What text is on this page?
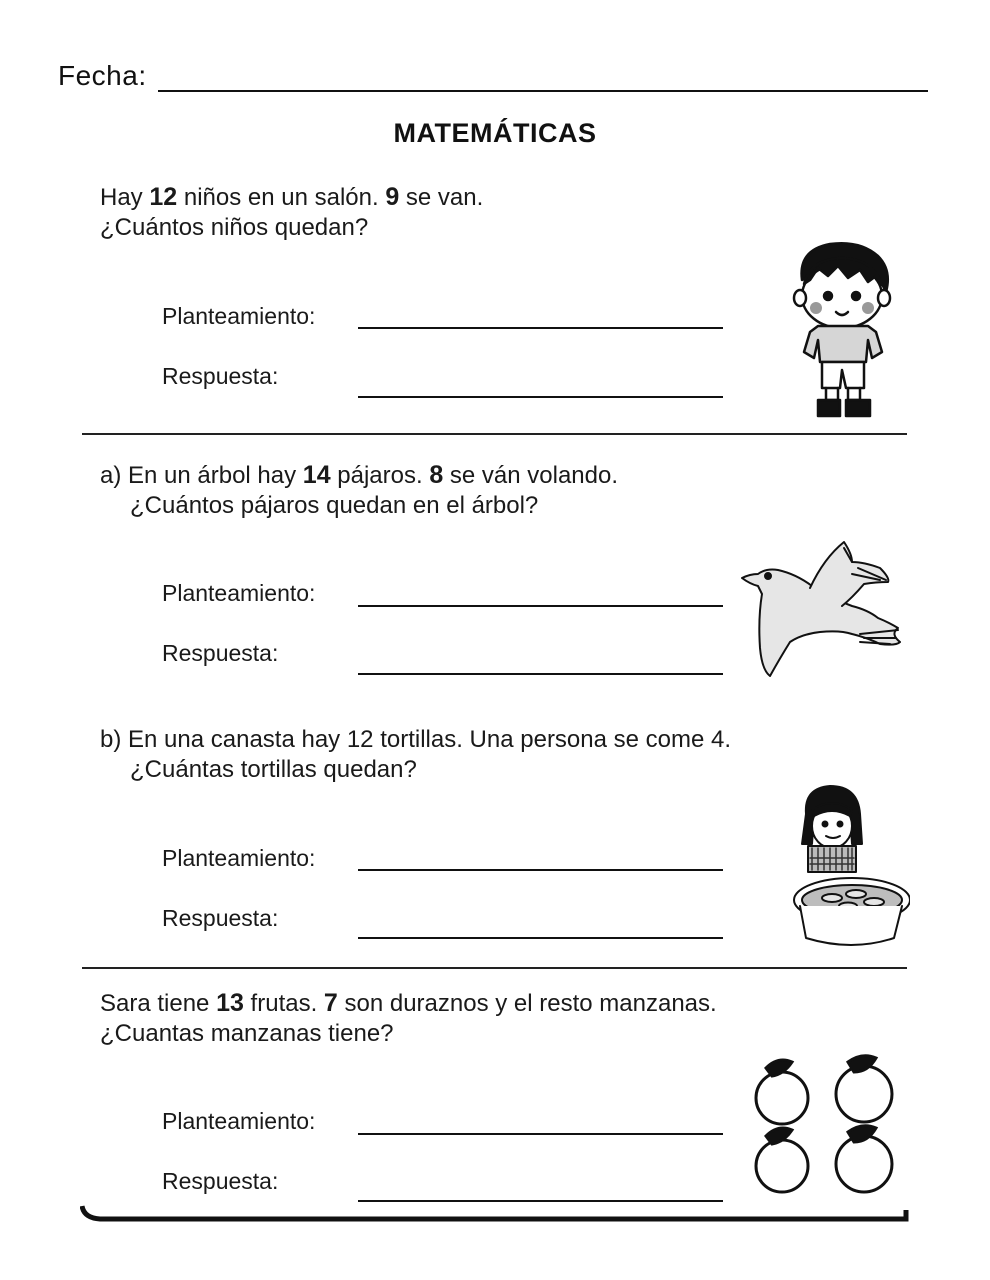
Fecha:
MATEMÁTICAS
Hay 12 niños en un salón. 9 se van.
¿Cuántos niños quedan?
Planteamiento:
Respuesta:
a) En un árbol hay 14 pájaros. 8 se ván volando.
¿Cuántos pájaros quedan en el árbol?
Planteamiento:
Respuesta:
b) En una canasta hay 12 tortillas. Una persona se come 4.
¿Cuántas tortillas quedan?
Planteamiento:
Respuesta:
Sara tiene 13 frutas. 7 son duraznos y el resto manzanas.
¿Cuantas manzanas tiene?
Planteamiento:
Respuesta:
